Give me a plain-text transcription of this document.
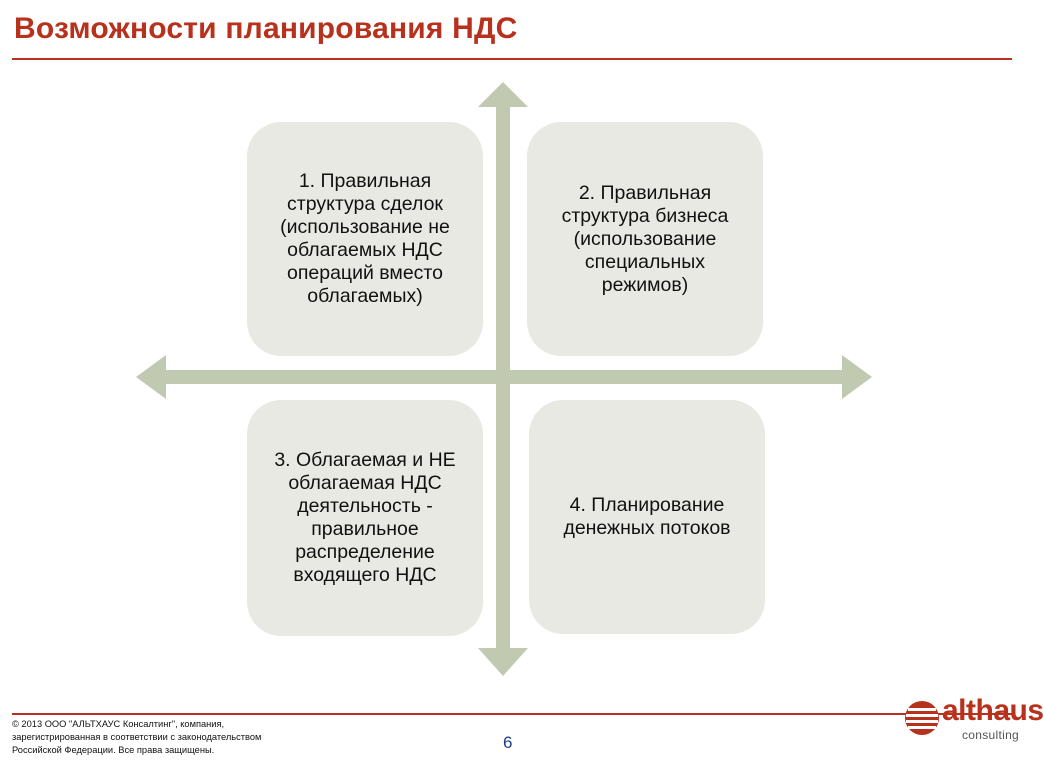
Возможности планирования НДС
1. Правильная структура сделок (использование не облагаемых НДС операций вместо облагаемых)
2. Правильная структура бизнеса (использование специальных режимов)
3. Облагаемая и НЕ облагаемая НДС деятельность - правильное распределение входящего НДС
4. Планирование денежных потоков
© 2013 ООО "АЛЬТХАУС Консалтинг", компания, зарегистрированная в соответствии с законодательством Российской Федерации. Все права защищены.	6
althaus
consulting
